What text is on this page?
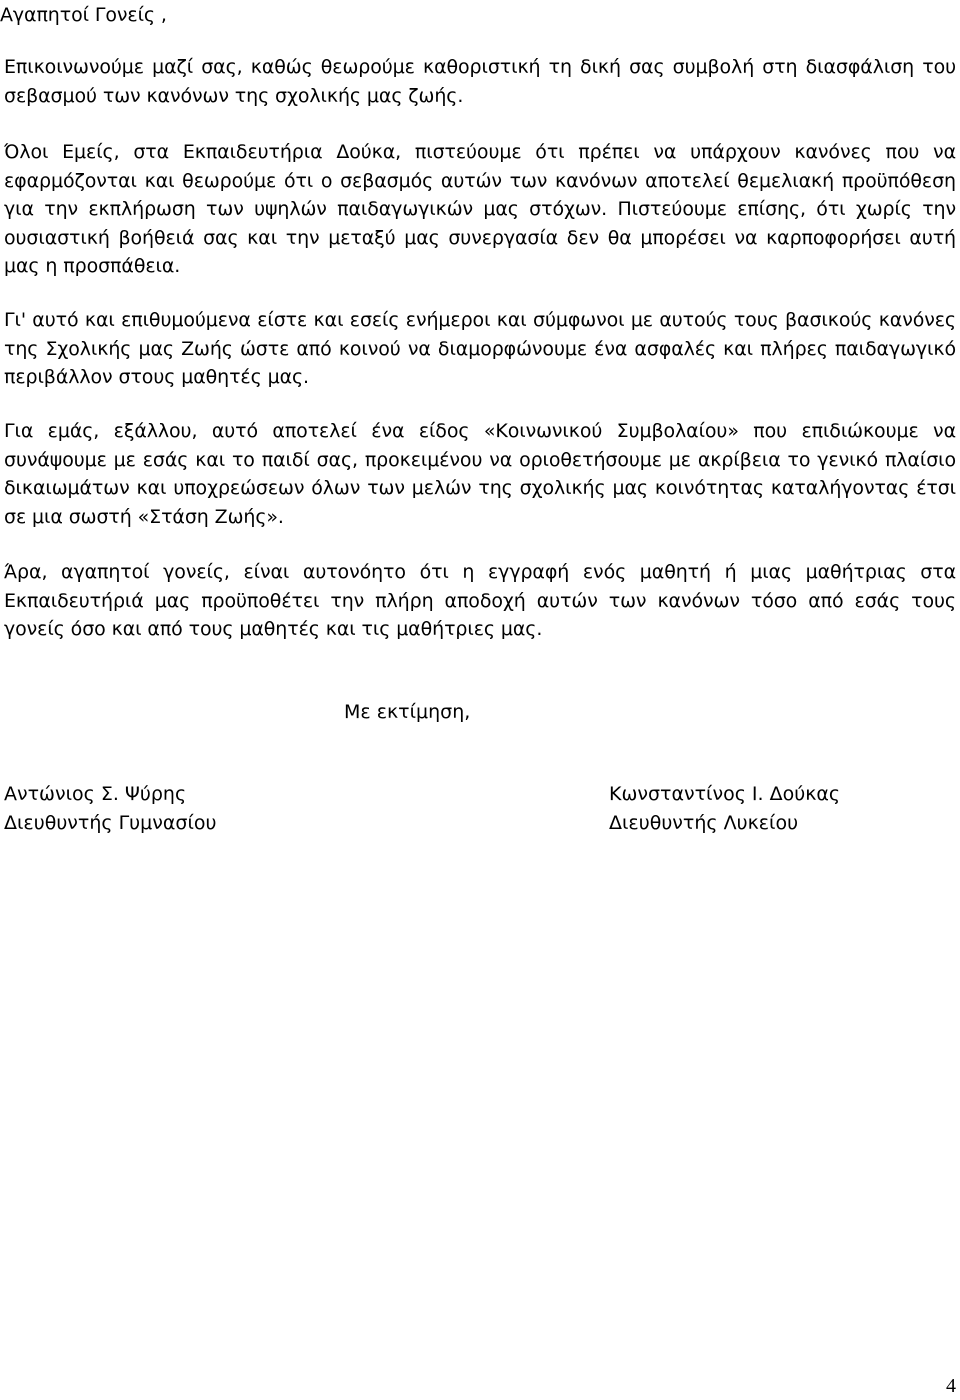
Αγαπητοί Γονείς ,
Επικοινωνούμε μαζί σας, καθώς θεωρούμε καθοριστική τη δική σας συμβολή στη διασφάλιση του σεβασμού των κανόνων της σχολικής μας ζωής.
Όλοι Εμείς, στα Εκπαιδευτήρια Δούκα, πιστεύουμε ότι πρέπει να υπάρχουν κανόνες που να εφαρμόζονται και θεωρούμε ότι ο σεβασμός αυτών των κανόνων αποτελεί θεμελιακή προϋπόθεση για την εκπλήρωση των υψηλών παιδαγωγικών μας στόχων. Πιστεύουμε επίσης, ότι χωρίς την ουσιαστική βοήθειά σας και την μεταξύ μας συνεργασία δεν θα μπορέσει να καρποφορήσει αυτή μας η προσπάθεια.
Γι' αυτό και επιθυμούμενα είστε και εσείς ενήμεροι και σύμφωνοι με αυτούς τους βασικούς κανόνες της Σχολικής μας Ζωής ώστε από κοινού να διαμορφώνουμε ένα ασφαλές και πλήρες παιδαγωγικό περιβάλλον στους μαθητές μας.
Για εμάς, εξάλλου, αυτό αποτελεί ένα είδος «Κοινωνικού Συμβολαίου» που επιδιώκουμε να συνάψουμε με εσάς και το παιδί σας, προκειμένου να οριοθετήσουμε με ακρίβεια το γενικό πλαίσιο δικαιωμάτων και υποχρεώσεων όλων των μελών της σχολικής μας κοινότητας καταλήγοντας έτσι σε μια σωστή «Στάση Ζωής».
Άρα, αγαπητοί γονείς, είναι αυτονόητο ότι η εγγραφή ενός μαθητή ή μιας μαθήτριας στα Εκπαιδευτήριά μας προϋποθέτει την πλήρη αποδοχή αυτών των κανόνων τόσο από εσάς τους γονείς όσο και από τους μαθητές και τις μαθήτριες μας.
Με εκτίμηση,
Αντώνιος Σ. Ψύρης
Διευθυντής Γυμνασίου
Κωνσταντίνος Ι. Δούκας
Διευθυντής Λυκείου
4
